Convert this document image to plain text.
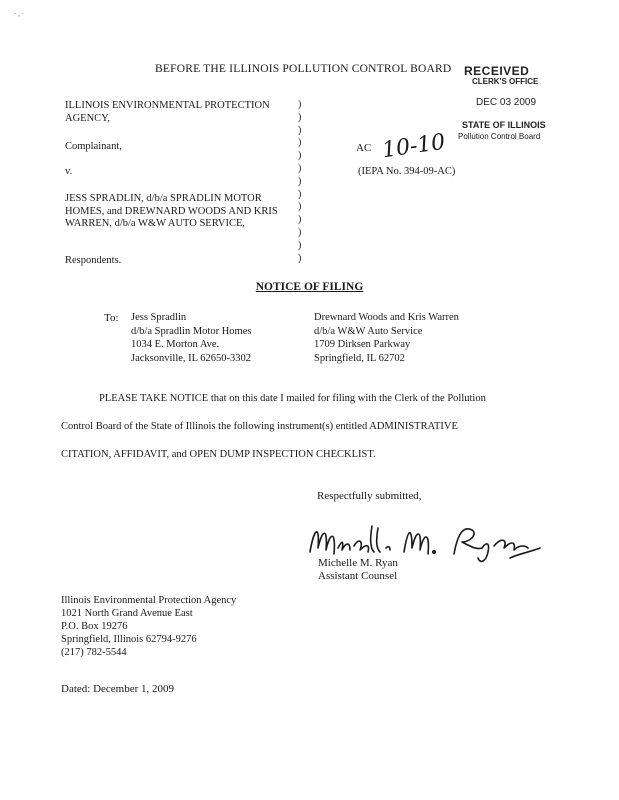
· , ·
BEFORE THE ILLINOIS POLLUTION CONTROL BOARD RECEIVED
CLERK'S OFFICE
DEC 03 2009
STATE OF ILLINOIS
Pollution Control Board
ILLINOIS ENVIRONMENTAL PROTECTION AGENCY,
Complainant,
v.
JESS SPRADLIN, d/b/a SPRADLIN MOTOR HOMES, and DREWNARD WOODS AND KRIS WARREN, d/b/a W&W AUTO SERVICE,
Respondents.
)
)
)
)
)
)
)
)
)
)
)
)
)
AC 10-10
(IEPA No. 394-09-AC)
NOTICE OF FILING
To: Jess Spradlin
d/b/a Spradlin Motor Homes
1034 E. Morton Ave.
Jacksonville, IL 62650-3302
Drewnard Woods and Kris Warren
d/b/a W&W Auto Service
1709 Dirksen Parkway
Springfield, IL 62702
PLEASE TAKE NOTICE that on this date I mailed for filing with the Clerk of the Pollution
Control Board of the State of Illinois the following instrument(s) entitled ADMINISTRATIVE
CITATION, AFFIDAVIT, and OPEN DUMP INSPECTION CHECKLIST.
Respectfully submitted,
Michelle M. Ryan
Assistant Counsel
Illinois Environmental Protection Agency
1021 North Grand Avenue East
P.O. Box 19276
Springfield, Illinois 62794-9276
(217) 782-5544
Dated: December 1, 2009
